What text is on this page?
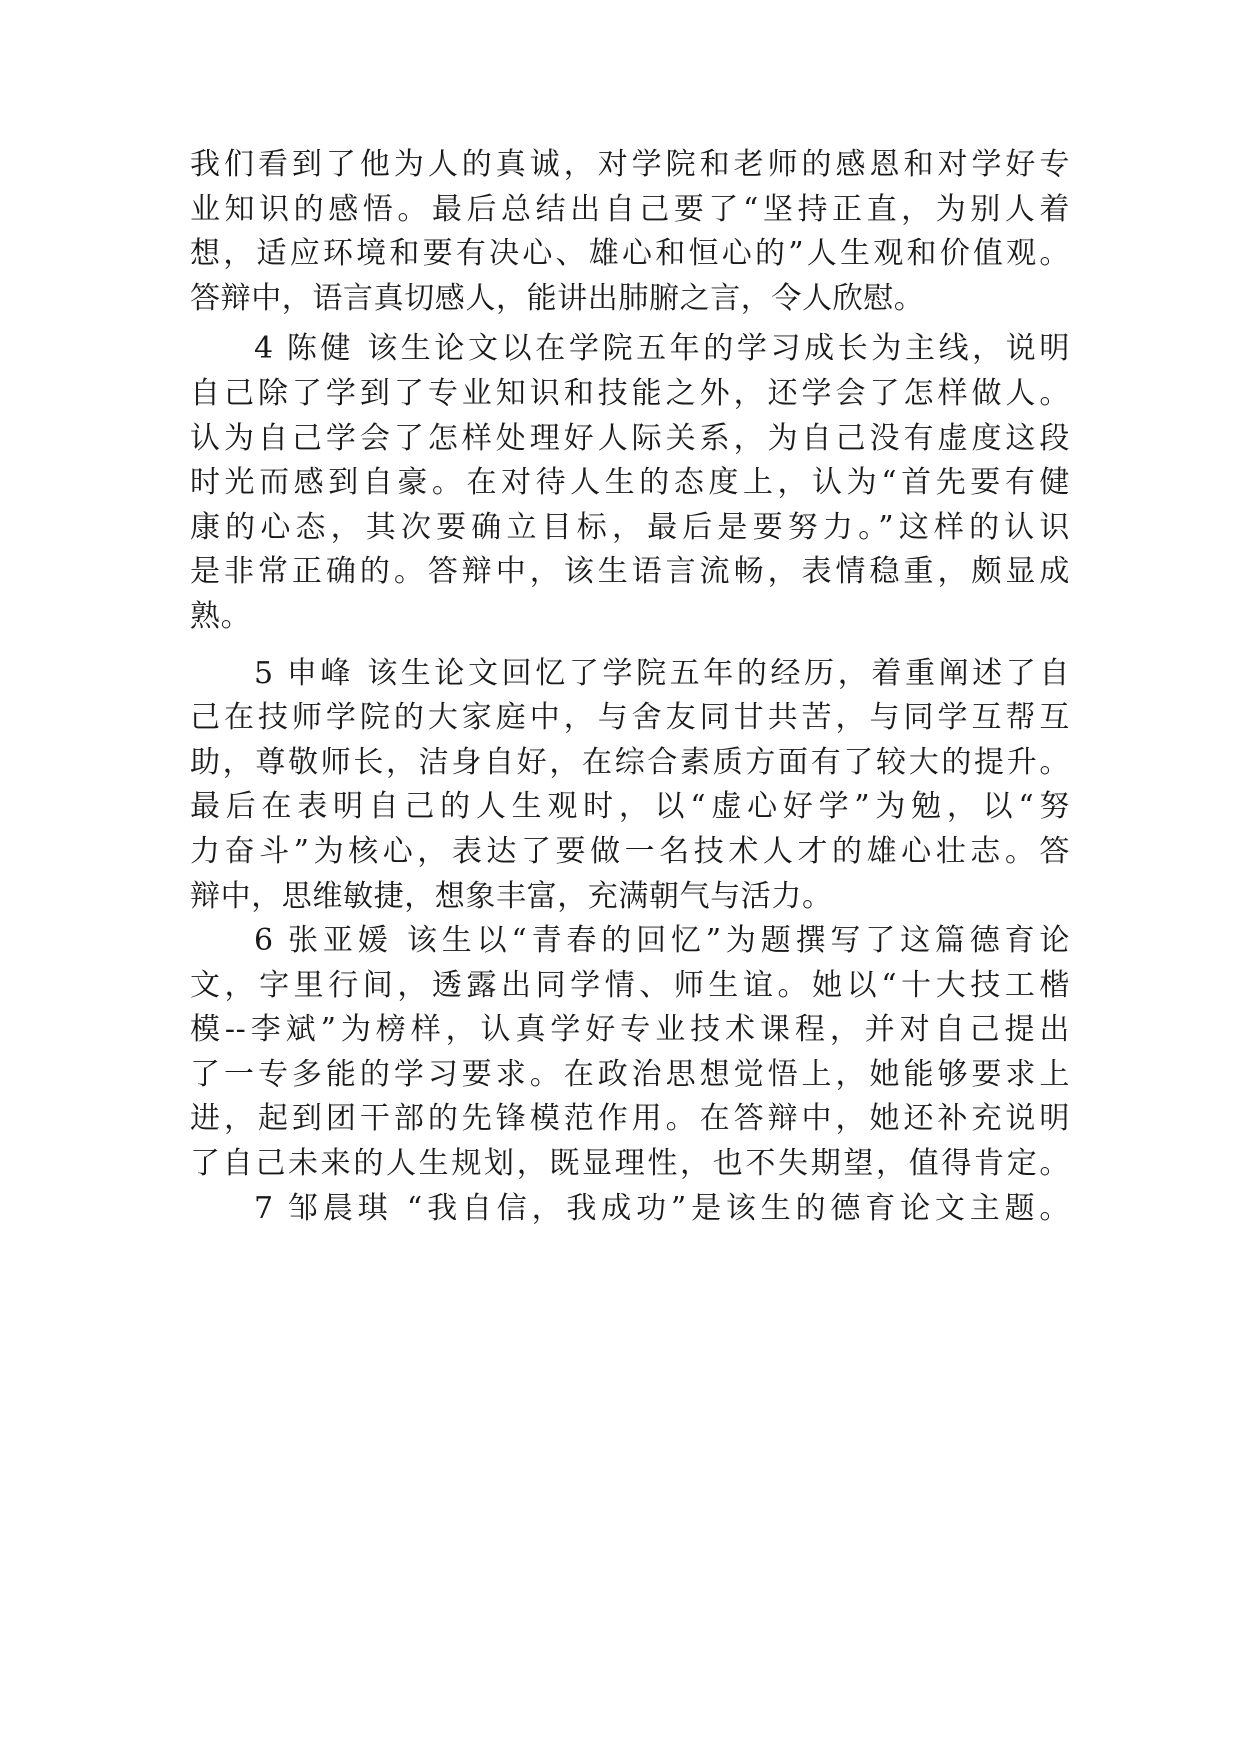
我们看到了他为人的真诚，对学院和老师的感恩和对学好专
业知识的感悟。最后总结出自己要了“坚持正直，为别人着
想，适应环境和要有决心、雄心和恒心的”人生观和价值观。
答辩中，语言真切感人，能讲出肺腑之言，令人欣慰。
4 陈健 该生论文以在学院五年的学习成长为主线，说明
自己除了学到了专业知识和技能之外，还学会了怎样做人。
认为自己学会了怎样处理好人际关系，为自己没有虚度这段
时光而感到自豪。在对待人生的态度上，认为“首先要有健
康的心态，其次要确立目标，最后是要努力。”这样的认识
是非常正确的。答辩中，该生语言流畅，表情稳重，颇显成
熟。
5 申峰 该生论文回忆了学院五年的经历，着重阐述了自
己在技师学院的大家庭中，与舍友同甘共苦，与同学互帮互
助，尊敬师长，洁身自好，在综合素质方面有了较大的提升。
最后在表明自己的人生观时，以“虚心好学”为勉，以“努
力奋斗”为核心，表达了要做一名技术人才的雄心壮志。答
辩中，思维敏捷，想象丰富，充满朝气与活力。
6 张亚媛 该生以“青春的回忆”为题撰写了这篇德育论
文，字里行间，透露出同学情、师生谊。她以“十大技工楷
模--李斌”为榜样，认真学好专业技术课程，并对自己提出
了一专多能的学习要求。在政治思想觉悟上，她能够要求上
进，起到团干部的先锋模范作用。在答辩中，她还补充说明
了自己未来的人生规划，既显理性，也不失期望，值得肯定。
7 邹晨琪 “我自信，我成功”是该生的德育论文主题。
